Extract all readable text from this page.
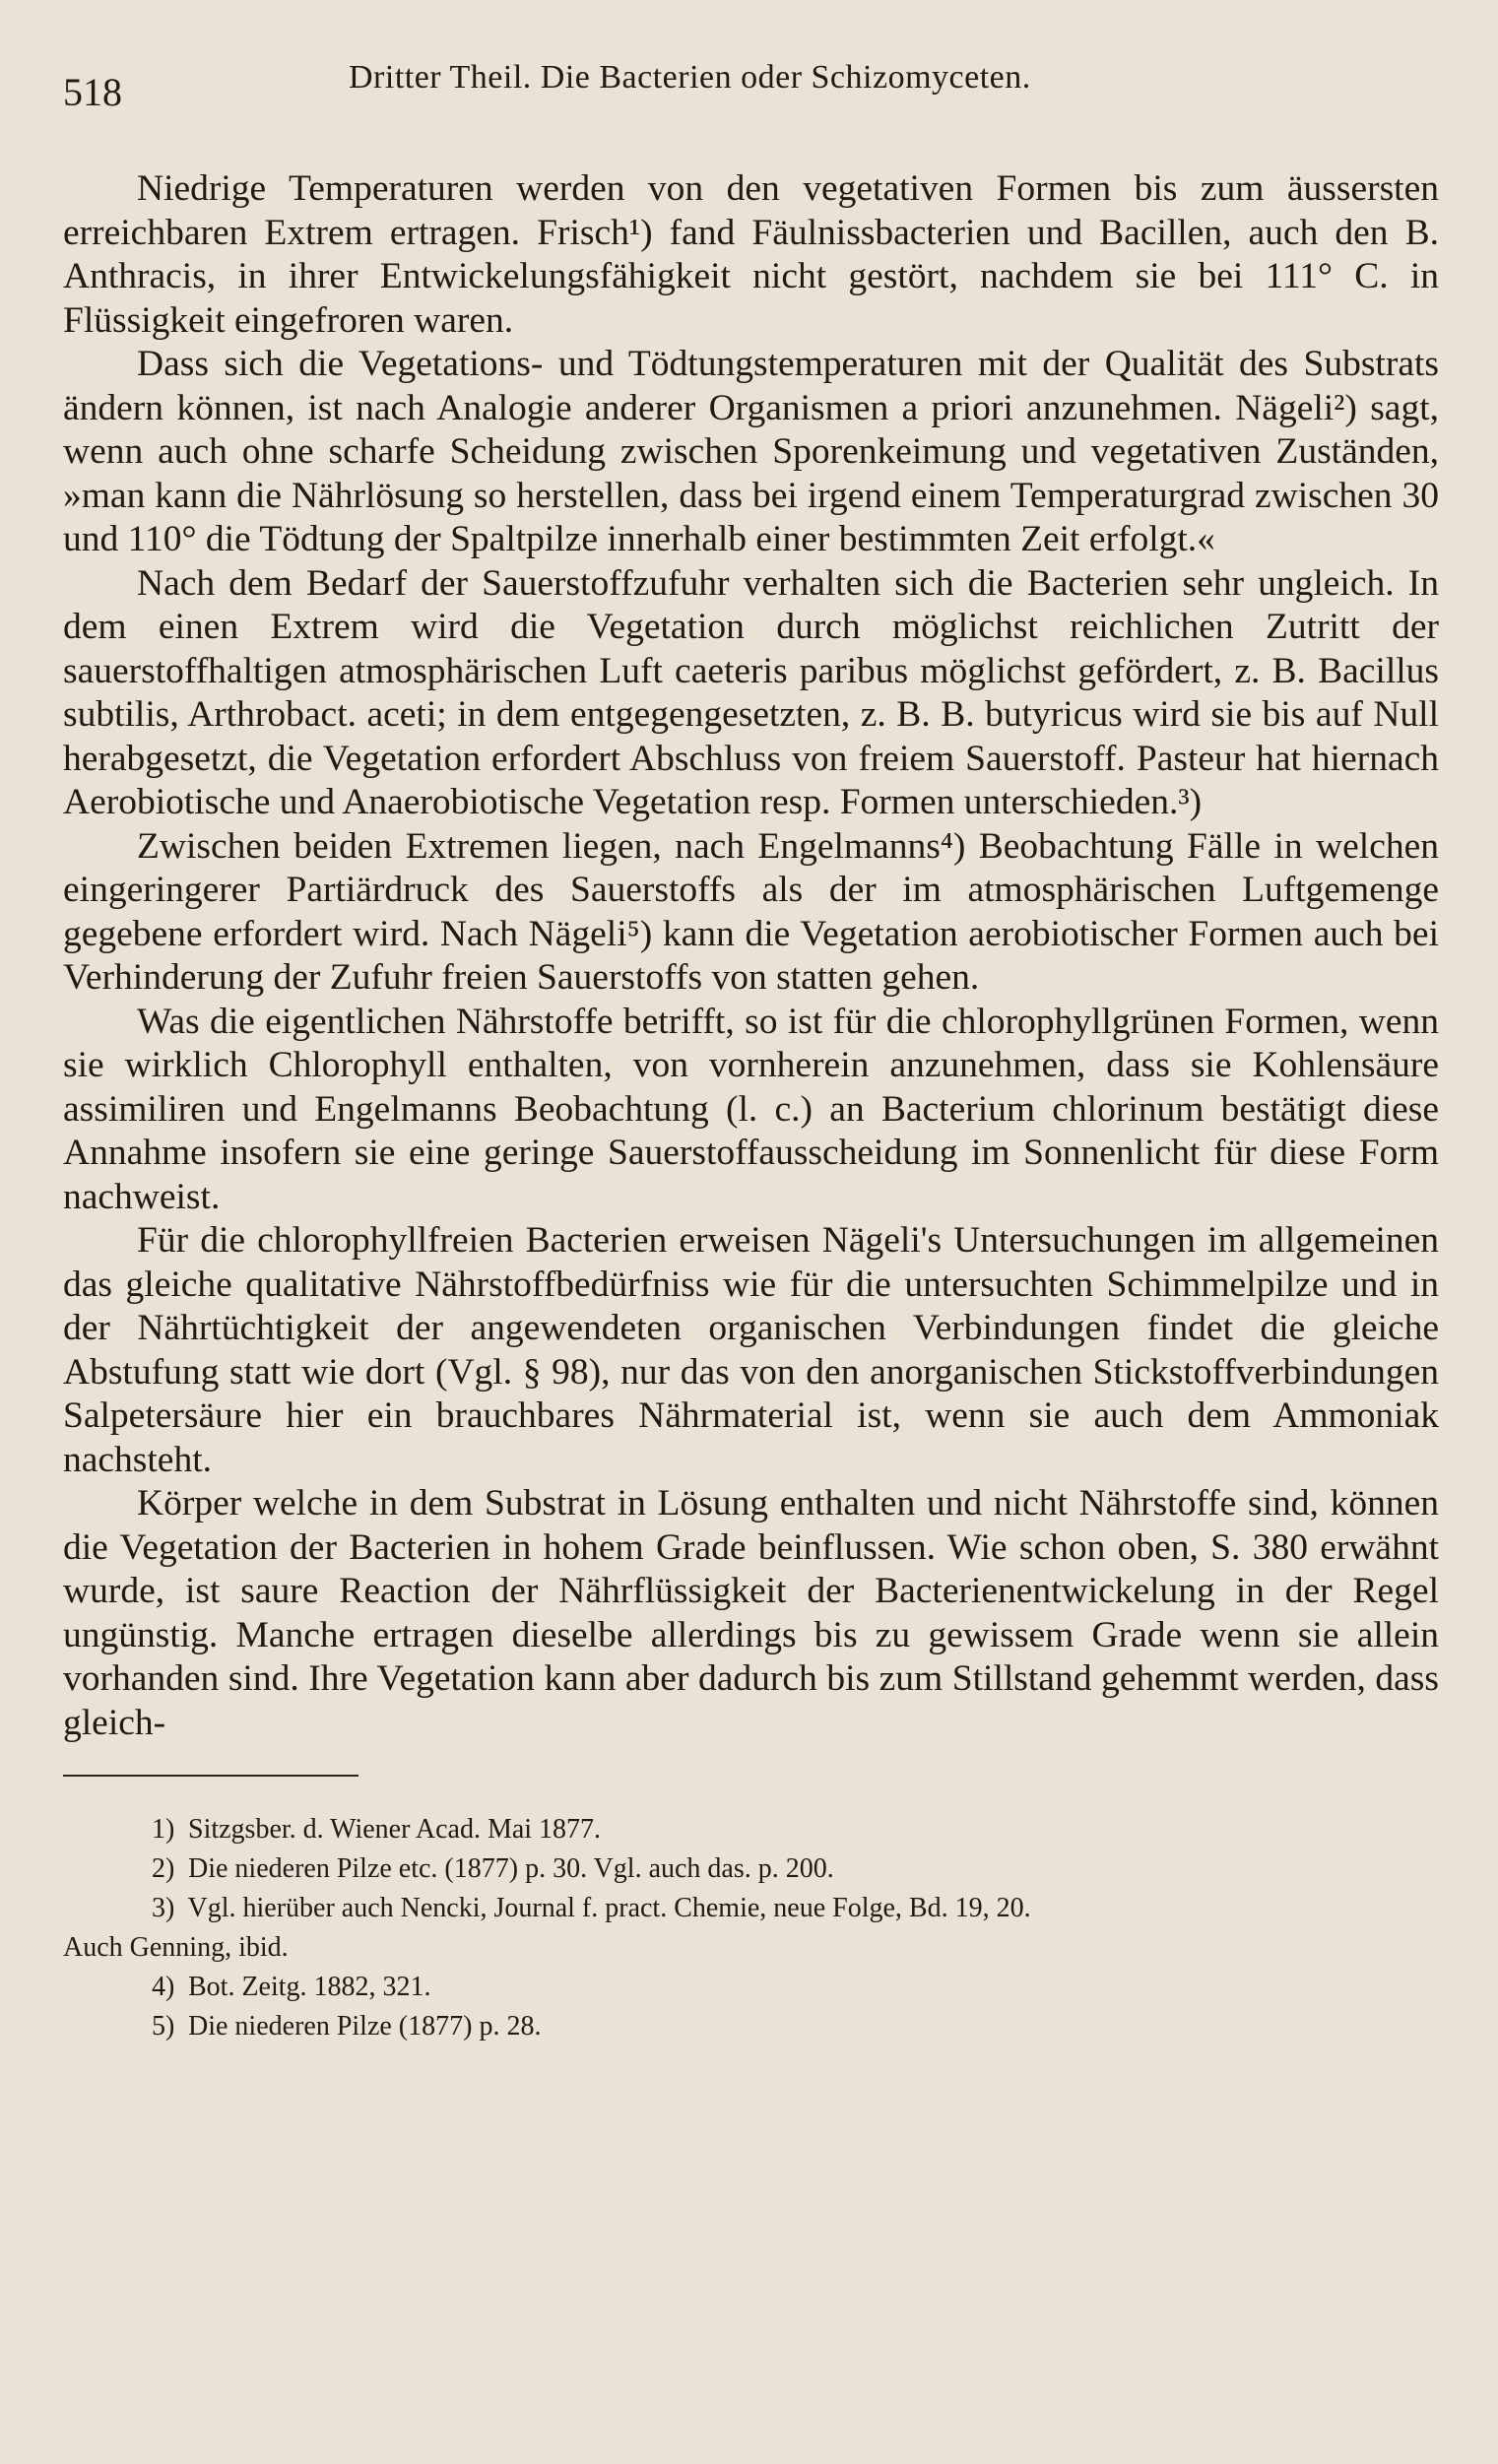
518	Dritter Theil. Die Bacterien oder Schizomyceten.

Niedrige Temperaturen werden von den vegetativen Formen bis zum äussersten erreichbaren Extrem ertragen. Frisch¹) fand Fäulnissbacterien und Bacillen, auch den B. Anthracis, in ihrer Entwickelungsfähigkeit nicht gestört, nachdem sie bei 111° C. in Flüssigkeit eingefroren waren.

Dass sich die Vegetations- und Tödtungstemperaturen mit der Qualität des Substrats ändern können, ist nach Analogie anderer Organismen a priori anzunehmen. Nägeli²) sagt, wenn auch ohne scharfe Scheidung zwischen Sporenkeimung und vegetativen Zuständen, »man kann die Nährlösung so herstellen, dass bei irgend einem Temperaturgrad zwischen 30 und 110° die Tödtung der Spaltpilze innerhalb einer bestimmten Zeit erfolgt.«

Nach dem Bedarf der Sauerstoffzufuhr verhalten sich die Bacterien sehr ungleich. In dem einen Extrem wird die Vegetation durch möglichst reichlichen Zutritt der sauerstoffhaltigen atmosphärischen Luft caeteris paribus möglichst gefördert, z. B. Bacillus subtilis, Arthrobact. aceti; in dem entgegengesetzten, z. B. B. butyricus wird sie bis auf Null herabgesetzt, die Vegetation erfordert Abschluss von freiem Sauerstoff. Pasteur hat hiernach Aerobiotische und Anaerobiotische Vegetation resp. Formen unterschieden.³)

Zwischen beiden Extremen liegen, nach Engelmanns⁴) Beobachtung Fälle in welchen eingeringerer Partiärdruck des Sauerstoffs als der im atmosphärischen Luftgemenge gegebene erfordert wird. Nach Nägeli⁵) kann die Vegetation aerobiotischer Formen auch bei Verhinderung der Zufuhr freien Sauerstoffs von statten gehen.

Was die eigentlichen Nährstoffe betrifft, so ist für die chlorophyllgrünen Formen, wenn sie wirklich Chlorophyll enthalten, von vornherein anzunehmen, dass sie Kohlensäure assimiliren und Engelmanns Beobachtung (l. c.) an Bacterium chlorinum bestätigt diese Annahme insofern sie eine geringe Sauerstoffausscheidung im Sonnenlicht für diese Form nachweist.

Für die chlorophyllfreien Bacterien erweisen Nägeli's Untersuchungen im allgemeinen das gleiche qualitative Nährstoffbedürfniss wie für die untersuchten Schimmelpilze und in der Nährtüchtigkeit der angewendeten organischen Verbindungen findet die gleiche Abstufung statt wie dort (Vgl. § 98), nur das von den anorganischen Stickstoffverbindungen Salpetersäure hier ein brauchbares Nährmaterial ist, wenn sie auch dem Ammoniak nachsteht.

Körper welche in dem Substrat in Lösung enthalten und nicht Nährstoffe sind, können die Vegetation der Bacterien in hohem Grade beinflussen. Wie schon oben, S. 380 erwähnt wurde, ist saure Reaction der Nährflüssigkeit der Bacterienentwickelung in der Regel ungünstig. Manche ertragen dieselbe allerdings bis zu gewissem Grade wenn sie allein vorhanden sind. Ihre Vegetation kann aber dadurch bis zum Stillstand gehemmt werden, dass gleich-

1) Sitzgsber. d. Wiener Acad. Mai 1877.

2) Die niederen Pilze etc. (1877) p. 30. Vgl. auch das. p. 200.

3) Vgl. hierüber auch Nencki, Journal f. pract. Chemie, neue Folge, Bd. 19, 20.

Auch Genning, ibid.

4) Bot. Zeitg. 1882, 321.

5) Die niederen Pilze (1877) p. 28.
